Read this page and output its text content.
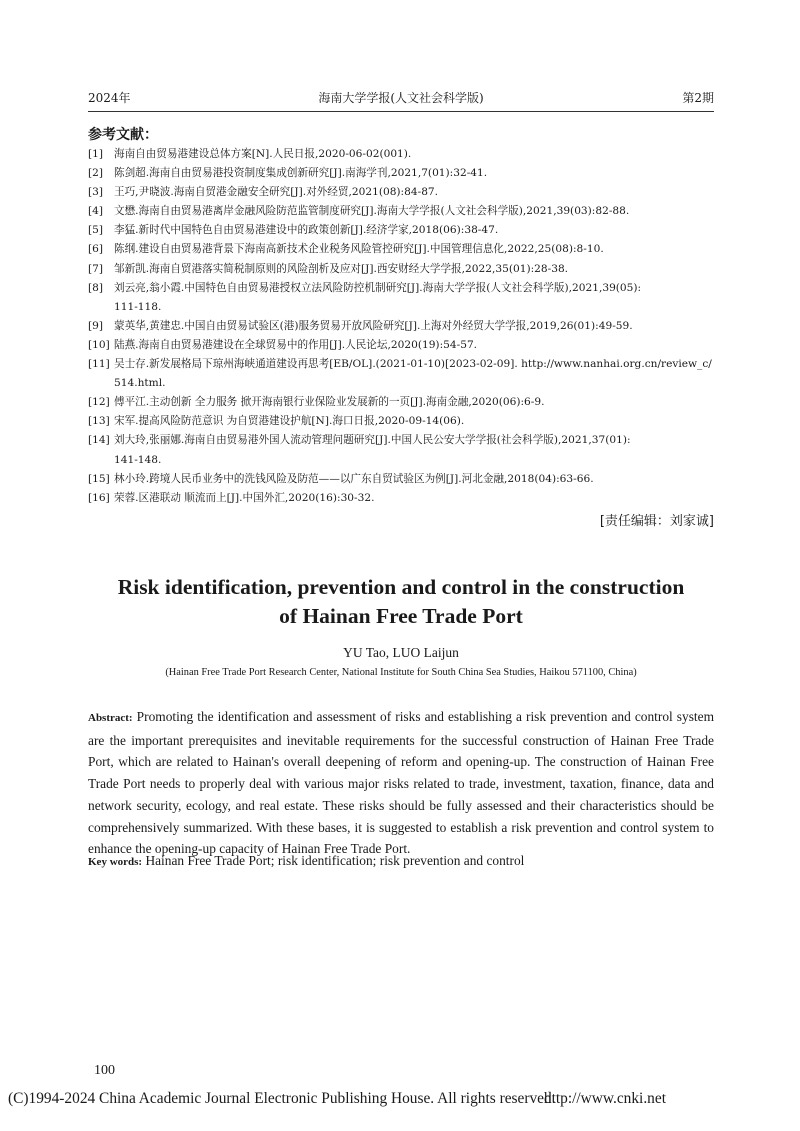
2024年	海南大学学报(人文社会科学版)	第2期
参考文献：
[1] 海南自由贸易港建设总体方案[N].人民日报,2020-06-02(001).
[2] 陈剑超.海南自由贸易港投资制度集成创新研究[J].南海学刊,2021,7(01):32-41.
[3] 王巧,尹晓波.海南自贸港金融安全研究[J].对外经贸,2021(08):84-87.
[4] 文懋.海南自由贸易港离岸金融风险防范监管制度研究[J].海南大学学报(人文社会科学版),2021,39(03):82-88.
[5] 李猛.新时代中国特色自由贸易港建设中的政策创新[J].经济学家,2018(06):38-47.
[6] 陈纲.建设自由贸易港背景下海南高新技术企业税务风险管控研究[J].中国管理信息化,2022,25(08):8-10.
[7] 邹新凯.海南自贸港落实简税制原则的风险剖析及应对[J].西安财经大学学报,2022,35(01):28-38.
[8] 刘云亮,翁小霞.中国特色自由贸易港授权立法风险防控机制研究[J].海南大学学报(人文社会科学版),2021,39(05):
111-118.
[9] 蒙英华,黄建忠.中国自由贸易试验区(港)服务贸易开放风险研究[J].上海对外经贸大学学报,2019,26(01):49-59.
[10] 陆燕.海南自由贸易港建设在全球贸易中的作用[J].人民论坛,2020(19):54-57.
[11] 吴士存.新发展格局下琼州海峡通道建设再思考[EB/OL].(2021-01-10)[2023-02-09]. http://www.nanhai.org.cn/review_c/
514.html.
[12] 傅平江.主动创新 全力服务 掀开海南银行业保险业发展新的一页[J].海南金融,2020(06):6-9.
[13] 宋军.提高风险防范意识 为自贸港建设护航[N].海口日报,2020-09-14(06).
[14] 刘大玲,张丽娜.海南自由贸易港外国人流动管理问题研究[J].中国人民公安大学学报(社会科学版),2021,37(01):
141-148.
[15] 林小玲.跨境人民币业务中的洗钱风险及防范——以广东自贸试验区为例[J].河北金融,2018(04):63-66.
[16] 荣蓉.区港联动 顺流而上[J].中国外汇,2020(16):30-32.
[责任编辑：刘家诚]
Risk identification, prevention and control in the construction
of Hainan Free Trade Port
YU Tao, LUO Laijun
(Hainan Free Trade Port Research Center, National Institute for South China Sea Studies, Haikou 571100, China)
Abstract: Promoting the identification and assessment of risks and establishing a risk prevention and control system are the important prerequisites and inevitable requirements for the successful construction of Hainan Free Trade Port, which are related to Hainan's overall deepening of reform and opening-up. The construction of Hainan Free Trade Port needs to properly deal with various major risks related to trade, investment, taxation, finance, data and network security, ecology, and real estate. These risks should be fully assessed and their characteristics should be comprehensively summarized. With these bases, it is suggested to establish a risk prevention and control system to enhance the opening-up capacity of Hainan Free Trade Port.
Key words: Hainan Free Trade Port; risk identification; risk prevention and control
100
(C)1994-2024 China Academic Journal Electronic Publishing House. All rights reserved.
http://www.cnki.net
